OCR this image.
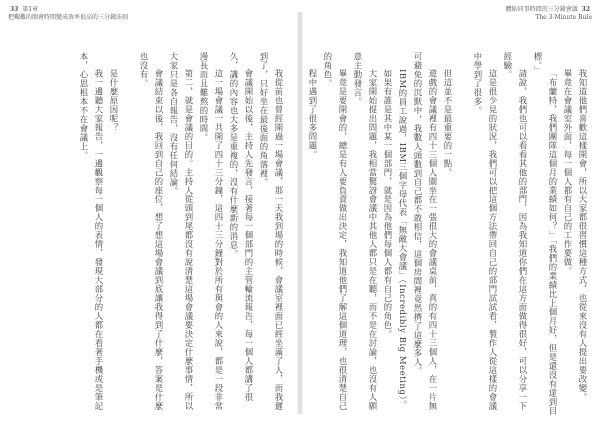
33 第1章
把艱難的開會時間變成效率很高的三分鐘法則

我從前也曾經開過一場會議，那一天我到場的時候，會議室裡面已經坐滿了人，而我遲到了，只好坐在最後面的角落裡。

會議開始以後，主持人先發言，接著每一個部門的主管輪流報告，每一個人都講了很久，講的內容也大多是重複的，沒有什麼新的消息。

這一場會議一共開了四十三分鐘，這四十三分鐘對於所有與會的人來說，都是一段非常漫長而且難熬的時間。

第二，就是會議的目的。主持人從頭到尾都沒有說清楚這場會議要決定什麼事情，所以大家只是各自報告，沒有任何結論。

會議結束以後，我回到自己的座位，想了想這場會議到底讓我得到了什麼，答案是什麼也沒有。

是什麼原因呢？

我一邊聽大家報告，一邊觀察每一個人的表情，發現大部分的人都在看著手機或是筆記本，心思根本不在會議上。

體貼同事時間的三分鐘會議 32
The 3-Minute Rule

我知道他們喜歡這樣開會，所以大家都很習慣這種方式，也從來沒有人提出要改變。

畢竟在會議室外面，每一個人都有自己的工作要做。

「布蘭特，我們團隊這個月的業績如何？」「我們的業績比上個月好，但是還沒有達到目標。」

請說，我們也可以看看其他的部門，因為我知道你們在這方面做得很好，可以分享一下經驗。

這是很少見的狀況，我們可以把這個方法帶回自己的部門試試看，製作人從這樣的會議中學到了很多。

但這並不是最重要的一點。

遊戲的會議裡有四十三個人圍坐在一張很大的會議桌前，真的有四十三個人，在一片無可避免的沉默中，我數人頭數到自己都不敢相信，這個房間裡竟然擠了這麼多人。

IBM的員工說過，IBM三個字母代表「無敵大會議」（Incredibly Big Meeting）。

如果有誰是其中某一個部門，就是因為他們每個人都有自己的角色。

大家開始提出問題，我相當驚訝會議中其他人都只是在聽，而不是在討論，也沒有人願意主動發言。

畢竟是要開會的，總是有人要負責做出決定，我知道他們了解這個道理，也很清楚自己的角色。

程中遇到了很多問題。
